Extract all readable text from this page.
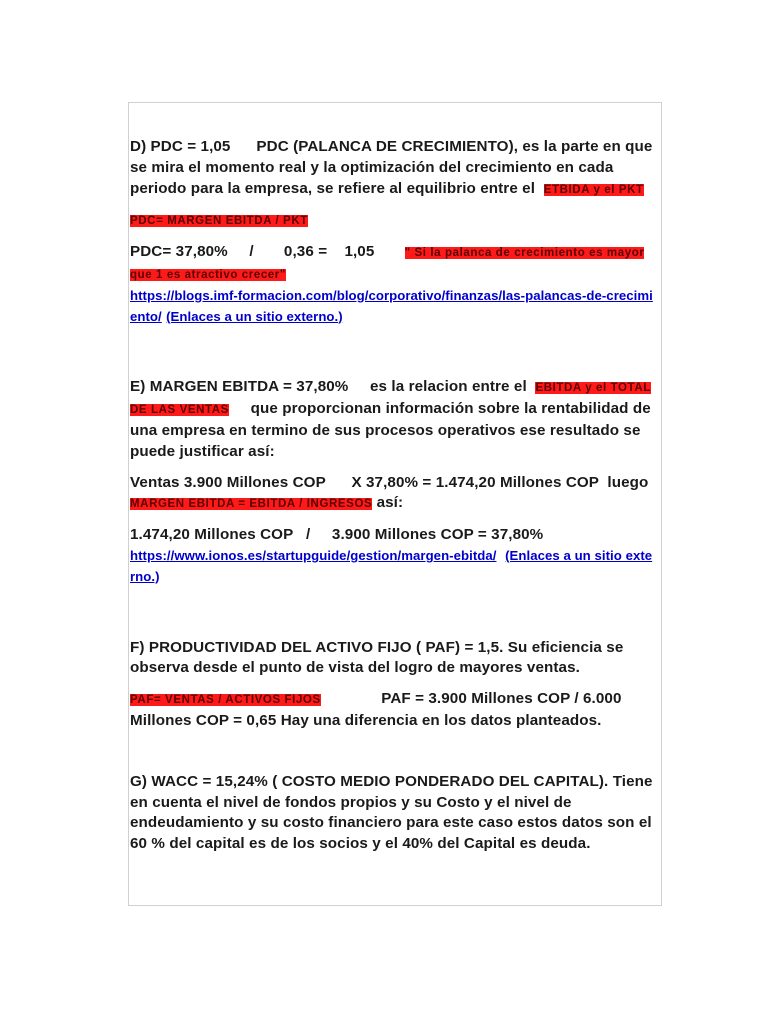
D) PDC = 1,05 PDC (PALANCA DE CRECIMIENTO), es la parte en que se mira el momento real y la optimización del crecimiento en cada periodo para la empresa, se refiere al equilibrio entre el ETBIDA y el PKT

PDC= MARGEN EBITDA / PKT

PDC= 37,80%     /       0,36 =    1,05	" Si la palanca de crecimiento es mayor que 1 es atractivo crecer"
https://blogs.imf-formacion.com/blog/corporativo/finanzas/las-palancas-de-crecimiento/ (Enlaces a un sitio externo.)

E) MARGEN EBITDA = 37,80%     es la relacion entre el EBITDA y el TOTAL DE LAS VENTAS que proporcionan información sobre la rentabilidad de una empresa en termino de sus procesos operativos ese resultado se puede justificar así:

Ventas 3.900 Millones COP      X 37,80% = 1.474,20 Millones COP  luego     MARGEN EBITDA = EBITDA / INGRESOS así:

1.474,20 Millones COP   /     3.900 Millones COP = 37,80%
https://www.ionos.es/startupguide/gestion/margen-ebitda/ (Enlaces a un sitio externo.)

F) PRODUCTIVIDAD DEL ACTIVO FIJO ( PAF) = 1,5. Su eficiencia se observa desde el punto de vista del logro de mayores ventas.

PAF= VENTAS / ACTIVOS FIJOS	PAF = 3.900 Millones COP / 6.000 Millones COP = 0,65 Hay una diferencia en los datos planteados.

G) WACC = 15,24% ( COSTO MEDIO PONDERADO DEL CAPITAL). Tiene en cuenta el nivel de fondos propios y su Costo y el nivel de endeudamiento y su costo financiero para este caso estos datos son el 60 % del capital es de los socios y el 40% del Capital es deuda.
